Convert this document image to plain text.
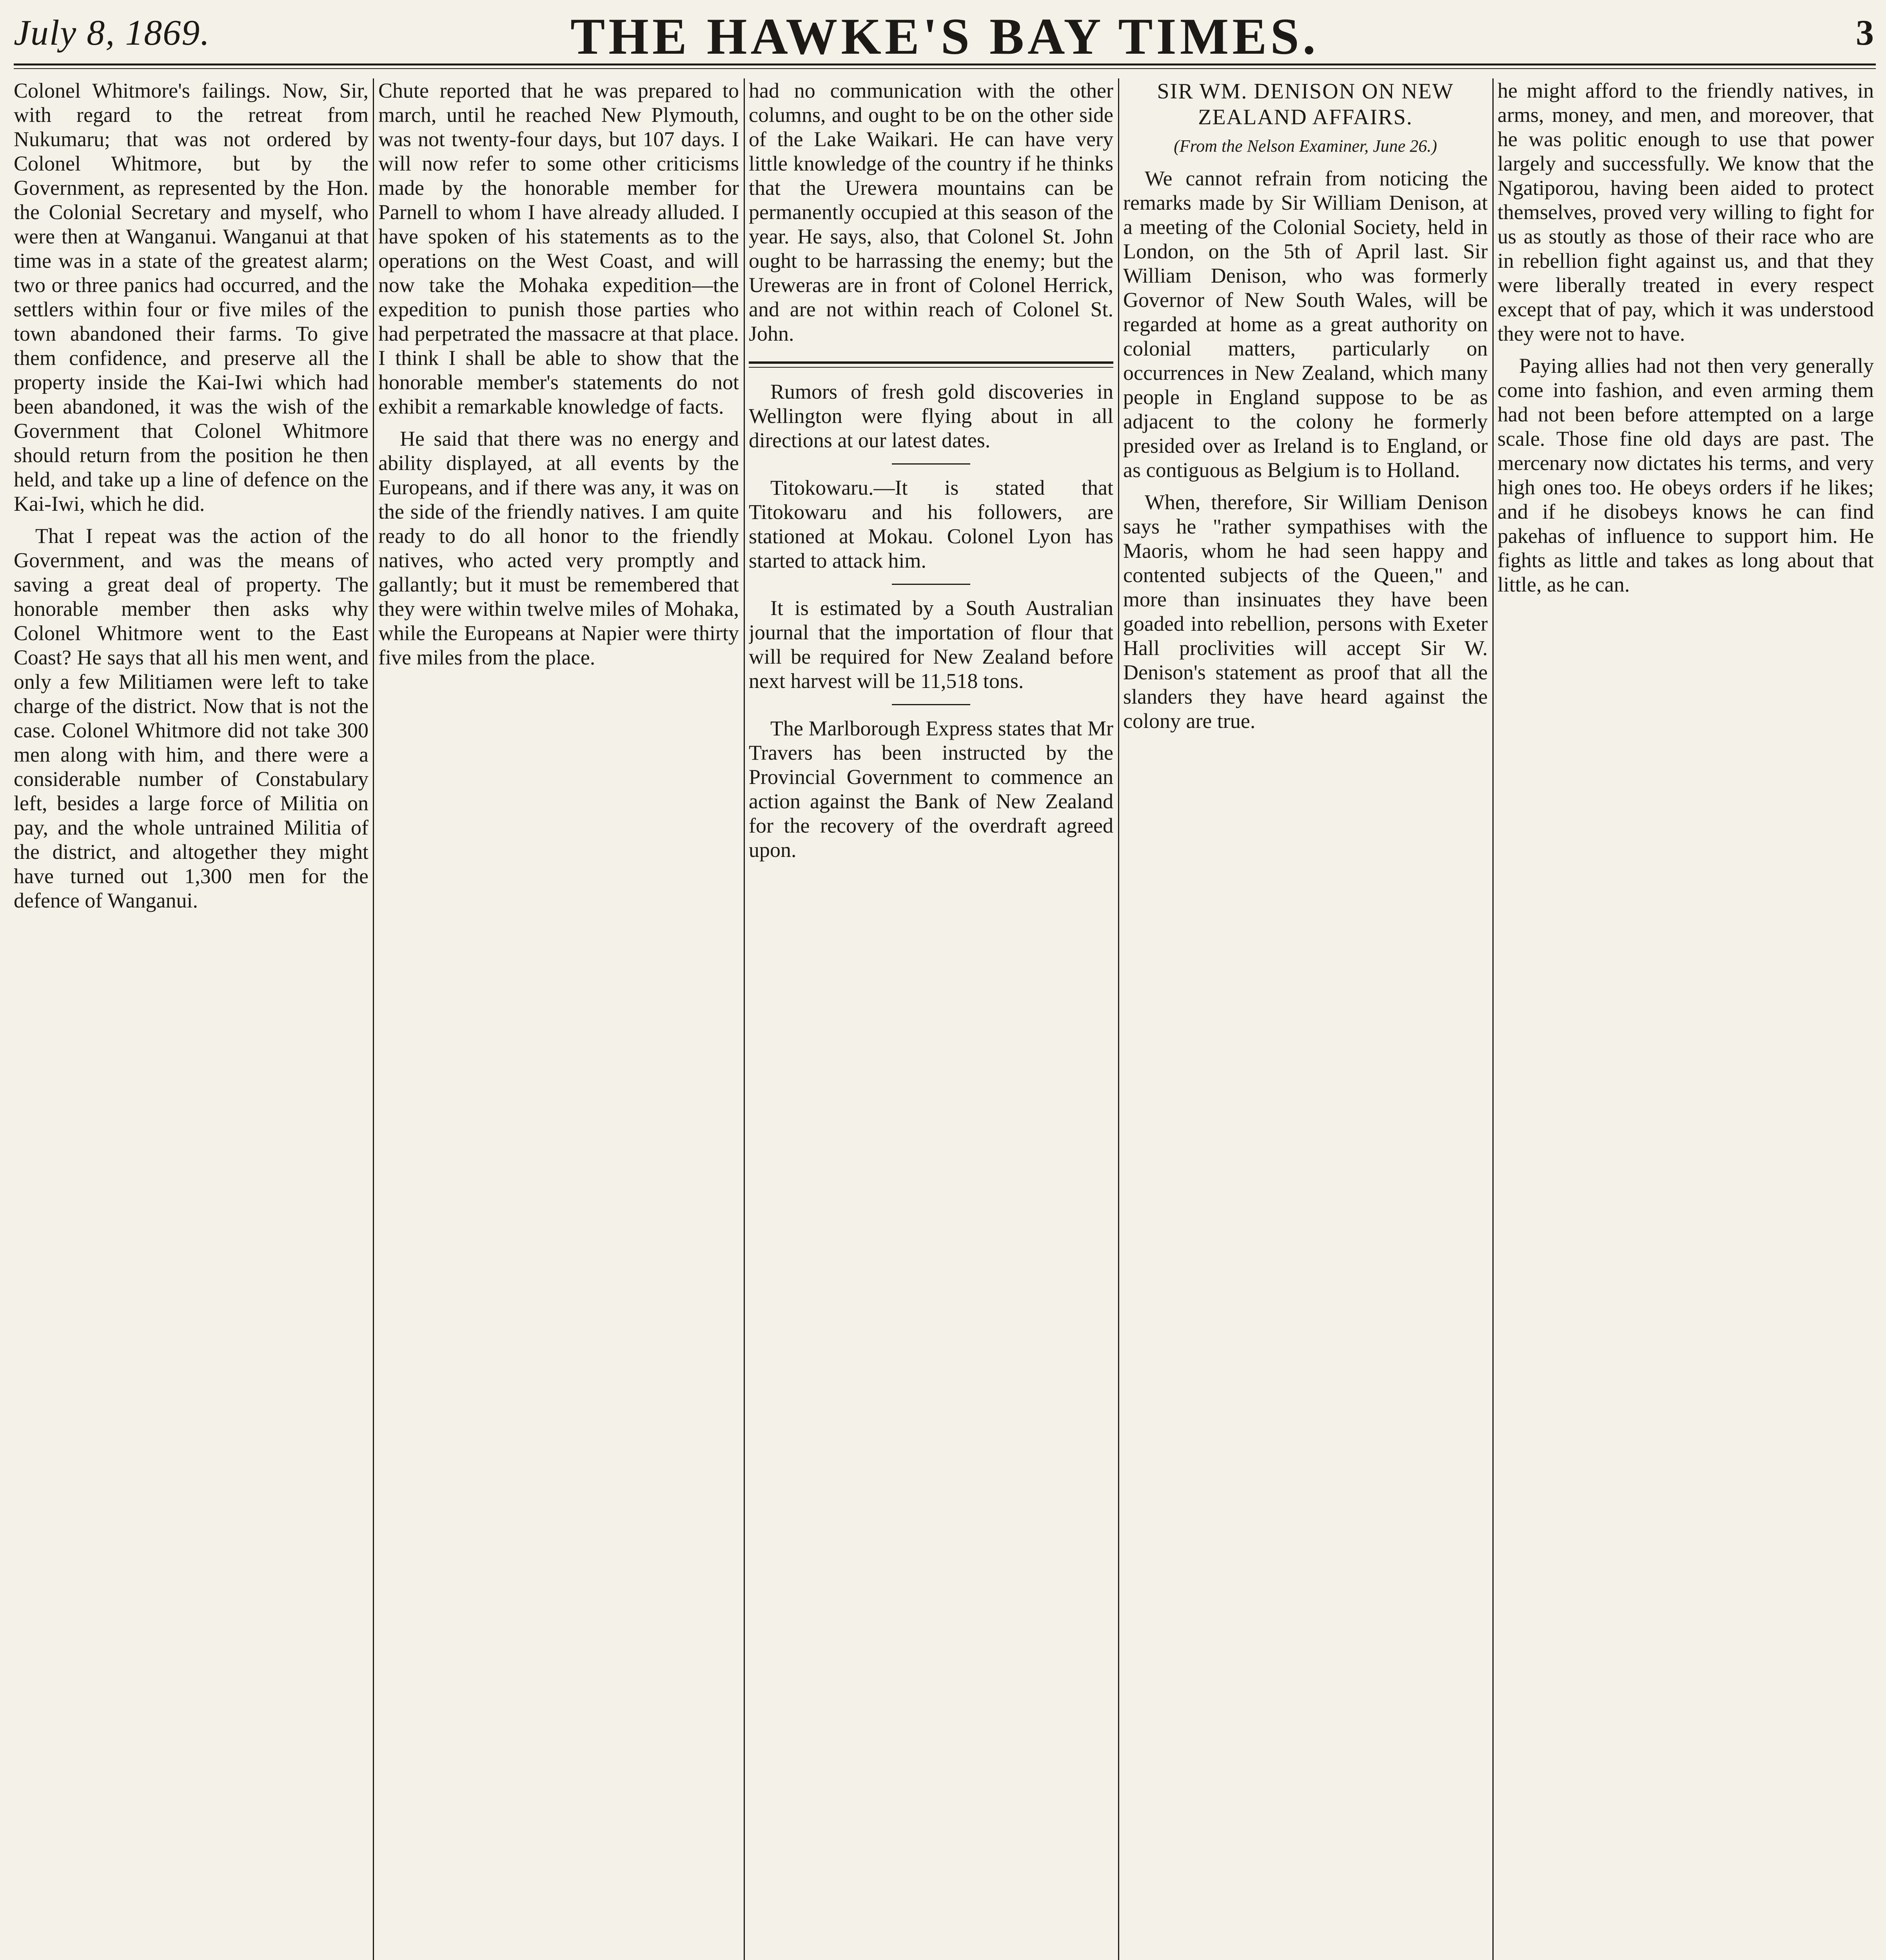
July 8, 1869.	THE HAWKE'S BAY TIMES.	3

Colonel Whitmore's failings. Now, Sir, with regard to the retreat from Nukumaru; that was not ordered by Colonel Whitmore, but by the Government, as represented by the Hon. the Colonial Secretary and myself, who were then at Wanganui. Wanganui at that time was in a state of the greatest alarm; two or three panics had occurred, and the settlers within four or five miles of the town abandoned their farms. To give them confidence, and preserve all the property inside the Kai-Iwi which had been abandoned, it was the wish of the Government that Colonel Whitmore should return from the position he then held, and take up a line of defence on the Kai-Iwi, which he did.

That I repeat was the action of the Government, and was the means of saving a great deal of property. The honorable member then asks why Colonel Whitmore went to the East Coast? He says that all his men went, and only a few Militiamen were left to take charge of the district. Now that is not the case. Colonel Whitmore did not take 300 men along with him, and there were a considerable number of Constabulary left, besides a large force of Militia on pay, and the whole untrained Militia of the district, and altogether they might have turned out 1,300 men for the defence of Wanganui.

Chute reported that he was prepared to march, until he reached New Plymouth, was not twenty-four days, but 107 days. I will now refer to some other criticisms made by the honorable member for Parnell to whom I have already alluded. I have spoken of his statements as to the operations on the West Coast, and will now take the Mohaka expedition—the expedition to punish those parties who had perpetrated the massacre at that place. I think I shall be able to show that the honorable member's statements do not exhibit a remarkable knowledge of facts.

He said that there was no energy and ability displayed, at all events by the Europeans, and if there was any, it was on the side of the friendly natives. I am quite ready to do all honor to the friendly natives, who acted very promptly and gallantly; but it must be remembered that they were within twelve miles of Mohaka, while the Europeans at Napier were thirty five miles from the place.

had no communication with the other columns, and ought to be on the other side of the Lake Waikari. He can have very little knowledge of the country if he thinks that the Urewera mountains can be permanently occupied at this season of the year. He says, also, that Colonel St. John ought to be harrassing the enemy; but the Ureweras are in front of Colonel Herrick, and are not within reach of Colonel St. John.

Rumors of fresh gold discoveries in Wellington were flying about in all directions at our latest dates.

Titokowaru.—It is stated that Titokowaru and his followers, are stationed at Mokau. Colonel Lyon has started to attack him.

It is estimated by a South Australian journal that the importation of flour that will be required for New Zealand before next harvest will be 11,518 tons.

The Marlborough Express states that Mr Travers has been instructed by the Provincial Government to commence an action against the Bank of New Zealand for the recovery of the overdraft agreed upon.

SIR WM. DENISON ON NEW ZEALAND AFFAIRS.
(From the Nelson Examiner, June 26.)

We cannot refrain from noticing the remarks made by Sir William Denison, at a meeting of the Colonial Society, held in London, on the 5th of April last. Sir William Denison, who was formerly Governor of New South Wales, will be regarded at home as a great authority on colonial matters, particularly on occurrences in New Zealand, which many people in England suppose to be as adjacent to the colony he formerly presided over as Ireland is to England, or as contiguous as Belgium is to Holland.

When, therefore, Sir William Denison says he "rather sympathises with the Maoris, whom he had seen happy and contented subjects of the Queen," and more than insinuates they have been goaded into rebellion, persons with Exeter Hall proclivities will accept Sir W. Denison's statement as proof that all the slanders they have heard against the colony are true.

he might afford to the friendly natives, in arms, money, and men, and moreover, that he was politic enough to use that power largely and successfully. We know that the Ngatiporou, having been aided to protect themselves, proved very willing to fight for us as stoutly as those of their race who are in rebellion fight against us, and that they were liberally treated in every respect except that of pay, which it was understood they were not to have.

Paying allies had not then very generally come into fashion, and even arming them had not been before attempted on a large scale. Those fine old days are past. The mercenary now dictates his terms, and very high ones too. He obeys orders if he likes; and if he disobeys knows he can find pakehas of influence to support him. He fights as little and takes as long about that little, as he can.
